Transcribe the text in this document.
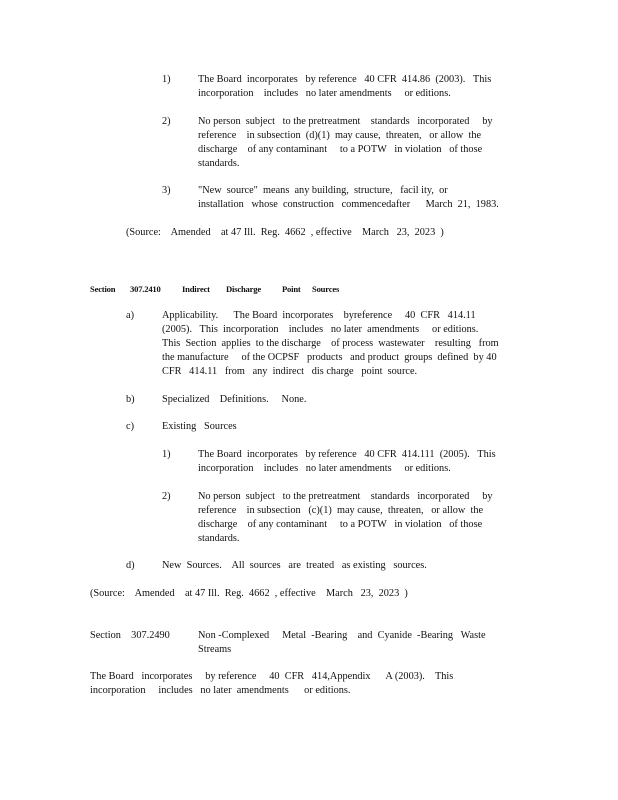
1)	The Board  incorporates   by reference   40 CFR  414.86  (2003).   This

incorporation    includes   no later amendments     or editions.

2)	No person  subject   to the pretreatment    standards   incorporated     by

reference    in subsection  (d)(1)  may cause,  threaten,   or allow  the

discharge    of any contaminant     to a POTW   in violation   of those

standards.

3)	"New  source"  means  any building,  structure,   facil ity,  or

installation   whose  construction   commencedafter      March  21,  1983.

(Source:    Amended    at 47 Ill.  Reg.  4662  , effective    March   23,  2023  )

Section 307.2410 Indirect Discharge Point Sources
a)	Applicability.      The Board  incorporates    byreference     40  CFR   414.11

(2005).   This  incorporation    includes   no later  amendments     or editions.

This  Section  applies  to the discharge    of process  wastewater    resulting   from

the manufacture     of the OCPSF   products   and product  groups  defined  by 40

CFR   414.11   from   any  indirect   dis charge   point  source.

b)	Specialized    Definitions.     None.

c)	Existing   Sources

1)	The Board  incorporates   by reference   40 CFR  414.111  (2005).   This

incorporation    includes   no later amendments     or editions.

2)	No person  subject   to the pretreatment    standards   incorporated     by

reference    in subsection   (c)(1)  may cause,  threaten,   or allow  the

discharge    of any contaminant     to a POTW   in violation   of those

standards.

d)	New  Sources.    All  sources   are  treated   as existing   sources.

(Source:    Amended    at 47 Ill.  Reg.  4662  , effective    March   23,  2023  )

Section    307.2490	Non -Complexed     Metal  -Bearing    and  Cyanide  -Bearing   Waste

Streams

The Board   incorporates     by reference     40  CFR   414,Appendix      A (2003).    This

incorporation     includes   no later  amendments      or editions.
